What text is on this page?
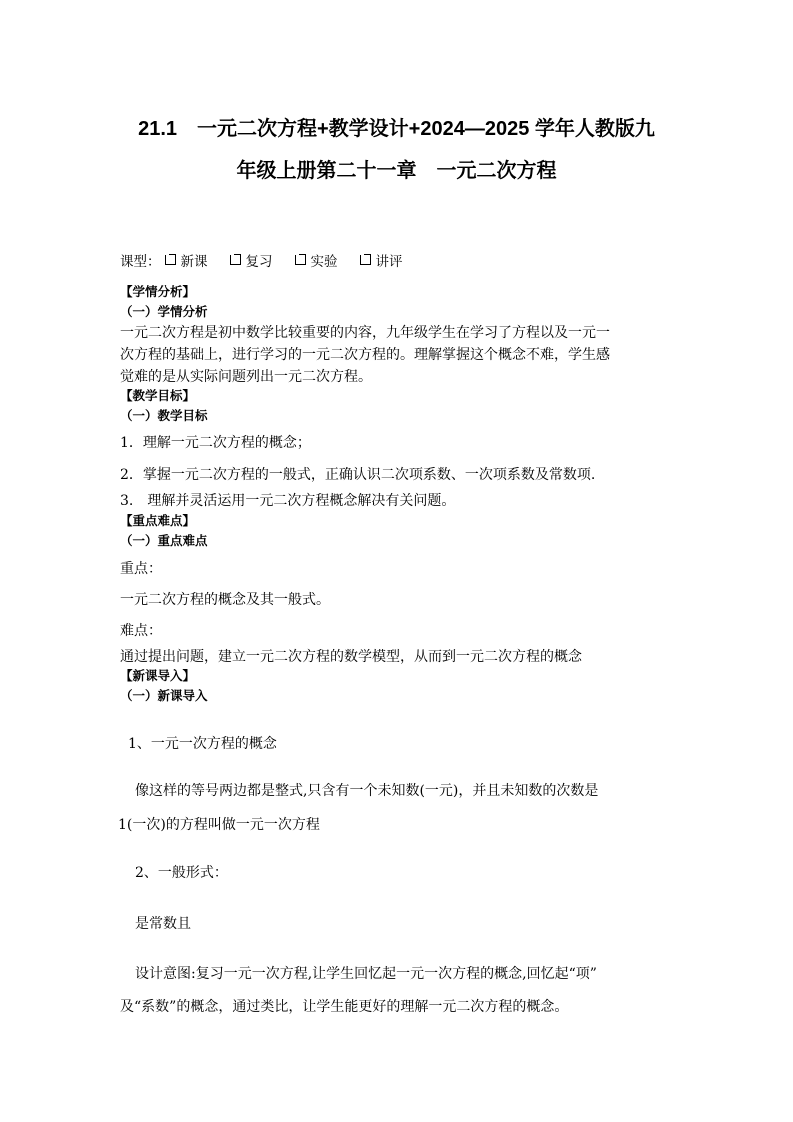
21.1　一元二次方程+教学设计+2024—2025 学年人教版九
年级上册第二十一章　一元二次方程
课型： 新课	复习	实验	讲评
【学情分析】
（一）学情分析
一元二次方程是初中数学比较重要的内容，九年级学生在学习了方程以及一元一
次方程的基础上，进行学习的一元二次方程的。理解掌握这个概念不难，学生感
觉难的是从实际问题列出一元二次方程。
【教学目标】
（一）教学目标
1．理解一元二次方程的概念；
2．掌握一元二次方程的一般式，正确认识二次项系数、一次项系数及常数项.
3.　理解并灵活运用一元二次方程概念解决有关问题。
【重点难点】
（一）重点难点
重点：
一元二次方程的概念及其一般式。
难点：
通过提出问题，建立一元二次方程的数学模型，从而到一元二次方程的概念
【新课导入】
（一）新课导入
1、一元一次方程的概念
像这样的等号两边都是整式,只含有一个未知数(一元)，并且未知数的次数是
1(一次)的方程叫做一元一次方程
2、一般形式：
是常数且
设计意图:复习一元一次方程,让学生回忆起一元一次方程的概念,回忆起“项”
及“系数”的概念，通过类比，让学生能更好的理解一元二次方程的概念。
